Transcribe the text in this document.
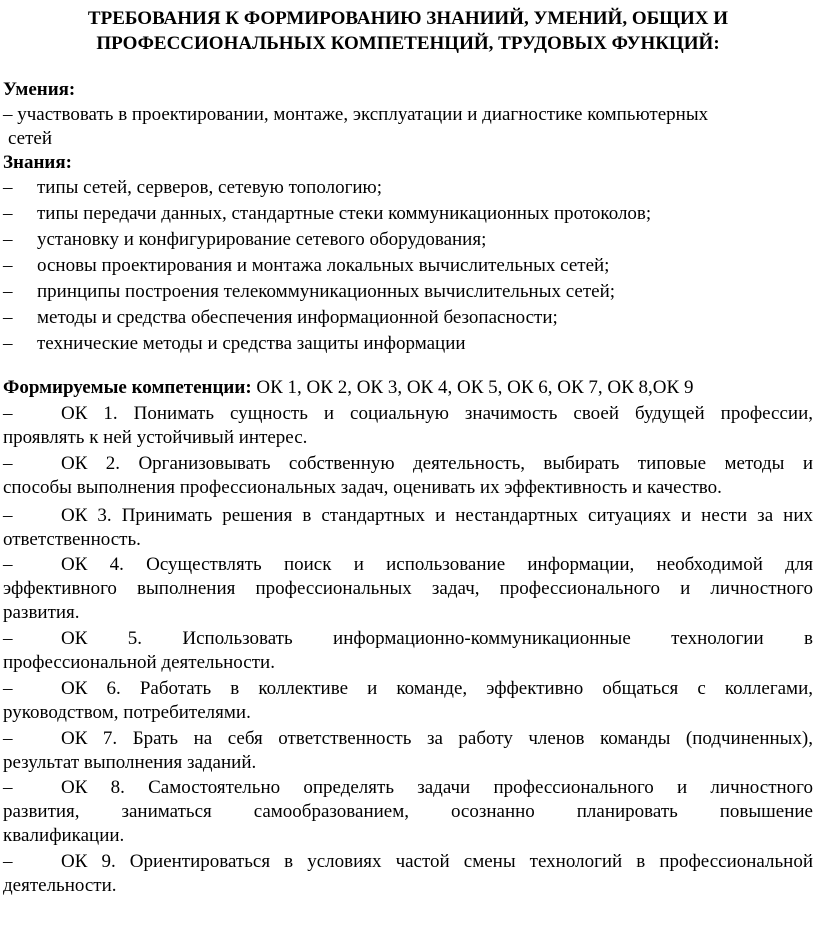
ТРЕБОВАНИЯ К ФОРМИРОВАНИЮ ЗНАНИИЙ, УМЕНИЙ, ОБЩИХ И
ПРОФЕССИОНАЛЬНЫХ КОМПЕТЕНЦИЙ, ТРУДОВЫХ ФУНКЦИЙ:
Умения:
– участвовать в проектировании, монтаже, эксплуатации и диагностике компьютерных
сетей
Знания:
– типы сетей, серверов, сетевую топологию;
– типы передачи данных, стандартные стеки коммуникационных протоколов;
– установку и конфигурирование сетевого оборудования;
– основы проектирования и монтажа локальных вычислительных сетей;
– принципы построения телекоммуникационных вычислительных сетей;
– методы и средства обеспечения информационной безопасности;
– технические методы и средства защиты информации
Формируемые компетенции: ОК 1, ОК 2, ОК 3, ОК 4, ОК 5, ОК 6, ОК 7, ОК 8,ОК 9
–	ОК 1. Понимать сущность и социальную значимость своей будущей профессии,
проявлять к ней устойчивый интерес.
–	ОК 2. Организовывать собственную деятельность, выбирать типовые методы и
способы выполнения профессиональных задач, оценивать их эффективность и качество.
–	ОК 3. Принимать решения в стандартных и нестандартных ситуациях и нести за них
ответственность.
–	ОК 4. Осуществлять поиск и использование информации, необходимой для
эффективного выполнения профессиональных задач, профессионального и личностного
развития.
–	ОК 5. Использовать информационно-коммуникационные технологии в
профессиональной деятельности.
–	ОК 6. Работать в коллективе и команде, эффективно общаться с коллегами,
руководством, потребителями.
–	ОК 7. Брать на себя ответственность за работу членов команды (подчиненных),
результат выполнения заданий.
–	ОК 8. Самостоятельно определять задачи профессионального и личностного
развития, заниматься самообразованием, осознанно планировать повышение
квалификации.
–	ОК 9. Ориентироваться в условиях частой смены технологий в профессиональной
деятельности.
